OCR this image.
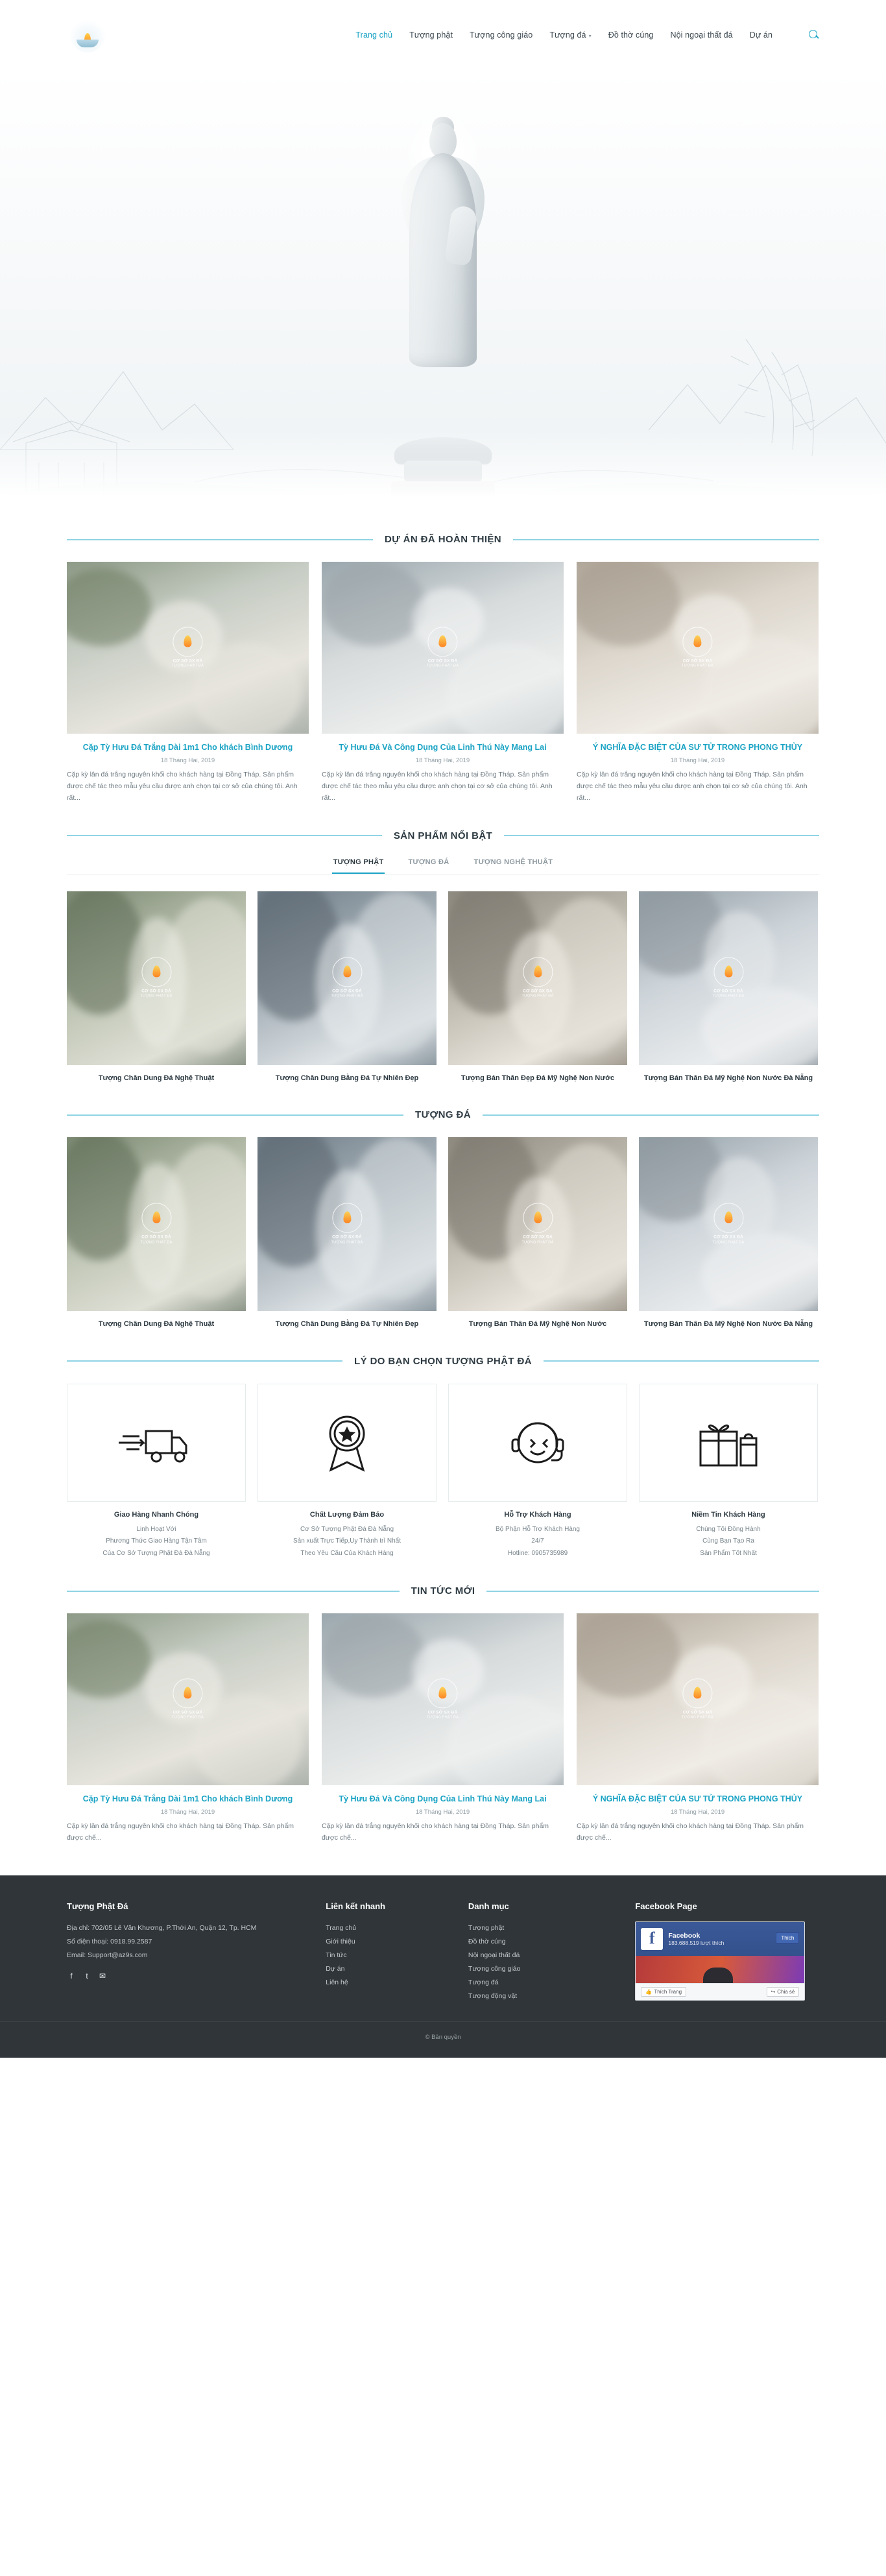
Trang chủ Tượng phật Tượng công giáo Tượng đá ▾ Đồ thờ cúng Nội ngoại thất đá Dự án
DỰ ÁN ĐÃ HOÀN THIỆN
CƠ SỞ SX ĐÁ
TƯỢNG PHẬT ĐÁ
Cặp Tỳ Hưu Đá Trắng Dài 1m1 Cho khách Bình Dương
18 Tháng Hai, 2019
Cặp kỳ lân đá trắng nguyên khối cho khách hàng tại Đồng Tháp. Sản phẩm được chế tác theo mẫu yêu cầu được anh chọn tại cơ sở của chúng tôi. Anh rất...
CƠ SỞ SX ĐÁ
TƯỢNG PHẬT ĐÁ
Tỳ Hưu Đá Và Công Dụng Của Linh Thú Này Mang Lai
18 Tháng Hai, 2019
Cặp kỳ lân đá trắng nguyên khối cho khách hàng tại Đồng Tháp. Sản phẩm được chế tác theo mẫu yêu cầu được anh chọn tại cơ sở của chúng tôi. Anh rất...
CƠ SỞ SX ĐÁ
TƯỢNG PHẬT ĐÁ
Ý NGHĨA ĐẶC BIỆT CỦA SƯ TỬ TRONG PHONG THỦY
18 Tháng Hai, 2019
Cặp kỳ lân đá trắng nguyên khối cho khách hàng tại Đồng Tháp. Sản phẩm được chế tác theo mẫu yêu cầu được anh chọn tại cơ sở của chúng tôi. Anh rất...
SẢN PHẨM NỔI BẬT
TƯỢNG PHẬT	TƯỢNG ĐÁ	TƯỢNG NGHỆ THUẬT
CƠ SỞ SX ĐÁ
TƯỢNG PHẬT ĐÁ
Tượng Chân Dung Đá Nghệ Thuật
CƠ SỞ SX ĐÁ
TƯỢNG PHẬT ĐÁ
Tượng Chân Dung Bằng Đá Tự Nhiên Đẹp
CƠ SỞ SX ĐÁ
TƯỢNG PHẬT ĐÁ
Tượng Bán Thân Đẹp Đá Mỹ Nghệ Non Nước
CƠ SỞ SX ĐÁ
TƯỢNG PHẬT ĐÁ
Tượng Bán Thân Đá Mỹ Nghệ Non Nước Đà Nẵng
TƯỢNG ĐÁ
CƠ SỞ SX ĐÁ
TƯỢNG PHẬT ĐÁ
Tượng Chân Dung Đá Nghệ Thuật
CƠ SỞ SX ĐÁ
TƯỢNG PHẬT ĐÁ
Tượng Chân Dung Bằng Đá Tự Nhiên Đẹp
CƠ SỞ SX ĐÁ
TƯỢNG PHẬT ĐÁ
Tượng Bán Thân Đá Mỹ Nghệ Non Nước
CƠ SỞ SX ĐÁ
TƯỢNG PHẬT ĐÁ
Tượng Bán Thân Đá Mỹ Nghệ Non Nước Đà Nẵng
LÝ DO BẠN CHỌN TƯỢNG PHẬT ĐÁ
Giao Hàng Nhanh Chóng
Linh Hoạt Với
Phương Thức Giao Hàng Tận Tâm
Của Cơ Sở Tượng Phật Đá Đà Nẵng
Chất Lượng Đảm Bảo
Cơ Sở Tượng Phật Đá Đà Nẵng
Sản xuất Trực Tiếp,Uy Thành trì Nhất
Theo Yêu Cầu Của Khách Hàng
Hỗ Trợ Khách Hàng
Bộ Phận Hỗ Trợ Khách Hàng
24/7
Hotline: 0905735989
Niềm Tin Khách Hàng
Chúng Tôi Đồng Hành
Cùng Bạn Tạo Ra
Sản Phẩm Tốt Nhất
TIN TỨC MỚI
CƠ SỞ SX ĐÁ
TƯỢNG PHẬT ĐÁ
Cặp Tỳ Hưu Đá Trắng Dài 1m1 Cho khách Bình Dương
18 Tháng Hai, 2019
Cặp kỳ lân đá trắng nguyên khối cho khách hàng tại Đồng Tháp. Sản phẩm được chế...
CƠ SỞ SX ĐÁ
TƯỢNG PHẬT ĐÁ
Tỳ Hưu Đá Và Công Dụng Của Linh Thú Này Mang Lai
18 Tháng Hai, 2019
Cặp kỳ lân đá trắng nguyên khối cho khách hàng tại Đồng Tháp. Sản phẩm được chế...
CƠ SỞ SX ĐÁ
TƯỢNG PHẬT ĐÁ
Ý NGHĨA ĐẶC BIỆT CỦA SƯ TỬ TRONG PHONG THỦY
18 Tháng Hai, 2019
Cặp kỳ lân đá trắng nguyên khối cho khách hàng tại Đồng Tháp. Sản phẩm được chế...
Tượng Phật Đá
Địa chỉ: 702/05 Lê Văn Khương, P.Thới An, Quận 12, Tp. HCM
Số điện thoại: 0918.99.2587
Email: Support@az9s.com
f	t	✉
Liên kết nhanh
Trang chủ
Giới thiệu
Tin tức
Dự án
Liên hệ
Danh mục
Tượng phật
Đồ thờ cúng
Nội ngoại thất đá
Tượng công giáo
Tượng đá
Tượng động vật
Facebook Page
f	Facebook
183.688.519 lượt thích
Thích
👍 Thích Trang	↪ Chia sẻ
© Bản quyền
